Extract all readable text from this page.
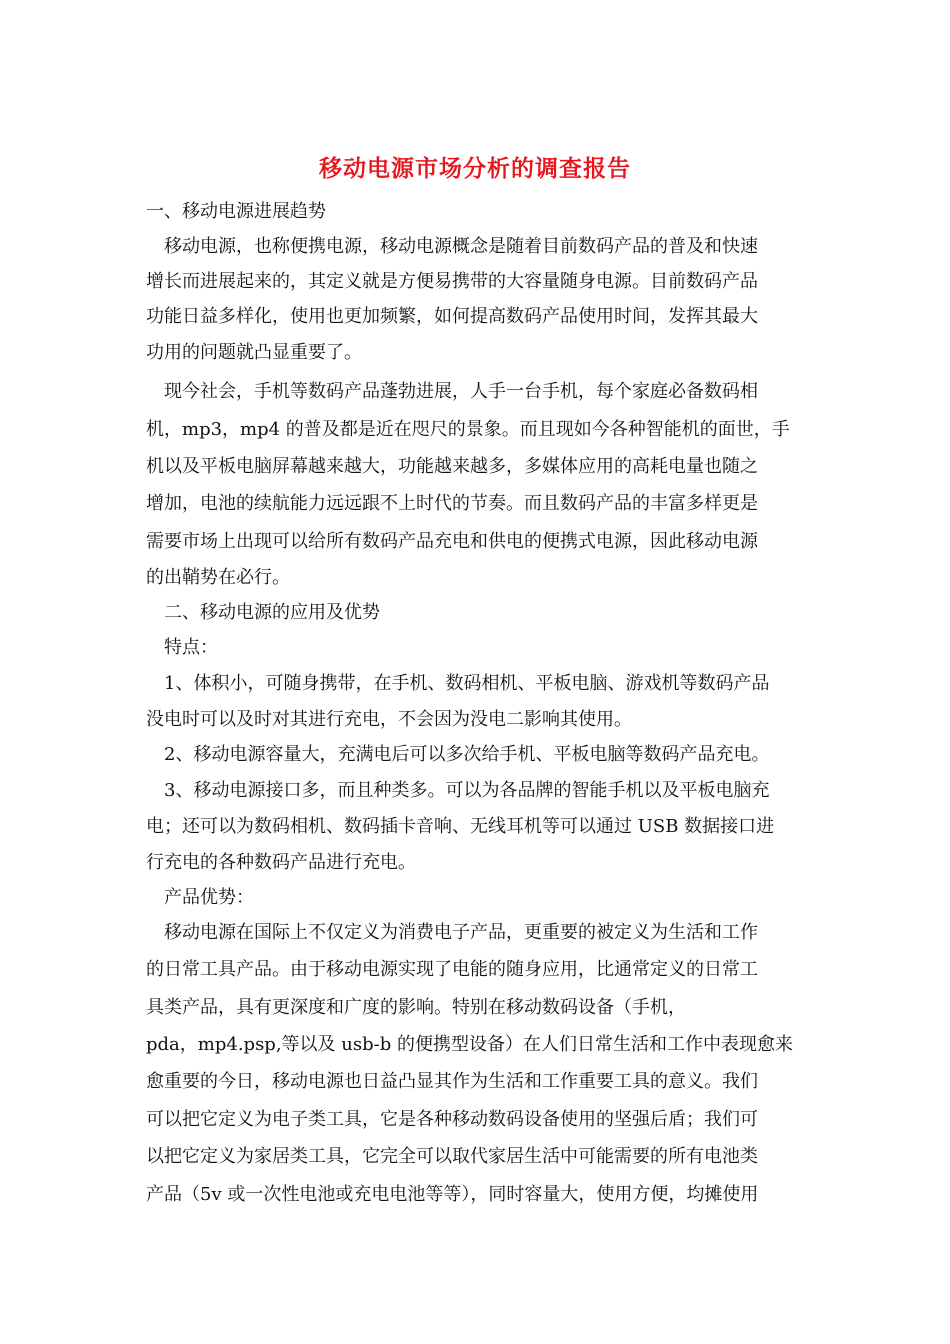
移动电源市场分析的调查报告
一、移动电源进展趋势
　移动电源，也称便携电源，移动电源概念是随着目前数码产品的普及和快速
增长而进展起来的，其定义就是方便易携带的大容量随身电源。目前数码产品
功能日益多样化，使用也更加频繁，如何提高数码产品使用时间，发挥其最大
功用的问题就凸显重要了。
　现今社会，手机等数码产品蓬勃进展，人手一台手机，每个家庭必备数码相
机，mp3，mp4 的普及都是近在咫尺的景象。而且现如今各种智能机的面世，手
机以及平板电脑屏幕越来越大，功能越来越多，多媒体应用的高耗电量也随之
增加，电池的续航能力远远跟不上时代的节奏。而且数码产品的丰富多样更是
需要市场上出现可以给所有数码产品充电和供电的便携式电源，因此移动电源
的出鞘势在必行。
　二、移动电源的应用及优势
　特点：
　1、体积小，可随身携带，在手机、数码相机、平板电脑、游戏机等数码产品
没电时可以及时对其进行充电，不会因为没电二影响其使用。
　2、移动电源容量大，充满电后可以多次给手机、平板电脑等数码产品充电。
　3、移动电源接口多，而且种类多。可以为各品牌的智能手机以及平板电脑充
电；还可以为数码相机、数码插卡音响、无线耳机等可以通过 USB 数据接口进
行充电的各种数码产品进行充电。
　产品优势：
　移动电源在国际上不仅定义为消费电子产品，更重要的被定义为生活和工作
的日常工具产品。由于移动电源实现了电能的随身应用，比通常定义的日常工
具类产品，具有更深度和广度的影响。特别在移动数码设备（手机，
pda，mp4.psp,等以及 usb-b 的便携型设备）在人们日常生活和工作中表现愈来
愈重要的今日，移动电源也日益凸显其作为生活和工作重要工具的意义。我们
可以把它定义为电子类工具，它是各种移动数码设备使用的坚强后盾；我们可
以把它定义为家居类工具，它完全可以取代家居生活中可能需要的所有电池类
产品（5v 或一次性电池或充电电池等等），同时容量大，使用方便，均摊使用
